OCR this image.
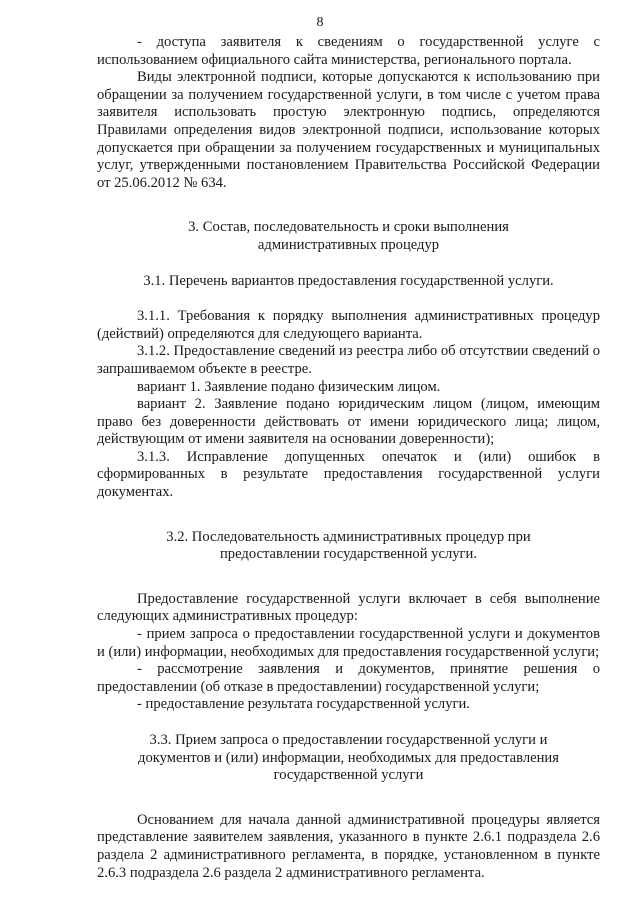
8

- доступа заявителя к сведениям о государственной услуге с использованием официального сайта министерства, регионального портала.

Виды электронной подписи, которые допускаются к использованию при обращении за получением государственной услуги, в том числе с учетом права заявителя использовать простую электронную подпись, определяются Правилами определения видов электронной подписи, использование которых допускается при обращении за получением государственных и муниципальных услуг, утвержденными постановлением Правительства Российской Федерации от 25.06.2012 № 634.

3. Состав, последовательность и сроки выполнения
административных процедур
3.1. Перечень вариантов предоставления государственной услуги.

3.1.1. Требования к порядку выполнения административных процедур (действий) определяются для следующего варианта.

3.1.2. Предоставление сведений из реестра либо об отсутствии сведений о запрашиваемом объекте в реестре.

вариант 1. Заявление подано физическим лицом.

вариант 2. Заявление подано юридическим лицом (лицом, имеющим право без доверенности действовать от имени юридического лица; лицом, действующим от имени заявителя на основании доверенности);

3.1.3. Исправление допущенных опечаток и (или) ошибок в сформированных в результате предоставления государственной услуги документах.

3.2. Последовательность административных процедур при
предоставлении государственной услуги.

Предоставление государственной услуги включает в себя выполнение следующих административных процедур:

- прием запроса о предоставлении государственной услуги и документов и (или) информации, необходимых для предоставления государственной услуги;

- рассмотрение заявления и документов, принятие решения о предоставлении (об отказе в предоставлении) государственной услуги;

- предоставление результата государственной услуги.

3.3. Прием запроса о предоставлении государственной услуги и
документов и (или) информации, необходимых для предоставления
государственной услуги

Основанием для начала данной административной процедуры является представление заявителем заявления, указанного в пункте 2.6.1 подраздела 2.6 раздела 2 административного регламента, в порядке, установленном в пункте 2.6.3 подраздела 2.6 раздела 2 административного регламента.
